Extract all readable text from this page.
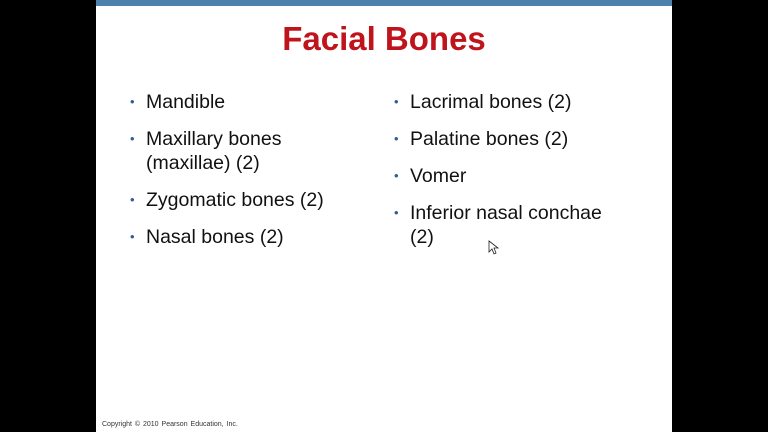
Facial Bones
• Mandible
• Maxillary bones
(maxillae) (2)
• Zygomatic bones (2)
• Nasal bones (2)
• Lacrimal bones (2)
• Palatine bones (2)
• Vomer
• Inferior nasal conchae
(2)
Copyright © 2010 Pearson Education, Inc.
